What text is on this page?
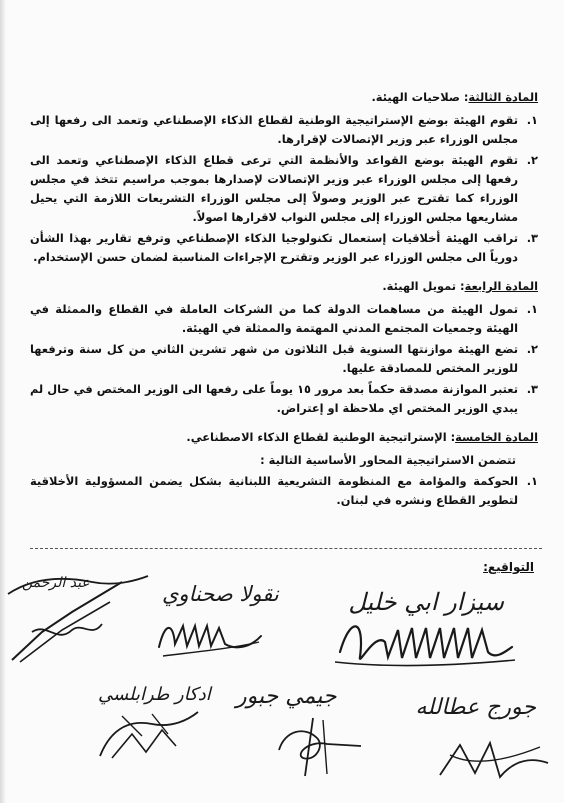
المادة الثالثة: صلاحيات الهيئة.
١.
تقوم الهيئة بوضع الإستراتيجية الوطنية لقطاع الذكاء الإصطناعي وتعمد الى رفعها إلى مجلس الوزراء عبر وزير الإتصالات لإقرارها.
٢.
تقوم الهيئة بوضع القواعد والأنظمة التي ترعى قطاع الذكاء الإصطناعي وتعمد الى رفعها إلى مجلس الوزراء عبر وزير الإتصالات لإصدارها بموجب مراسيم تتخذ في مجلس الوزراء كما تقترح عبر الوزير وصولاً إلى مجلس الوزراء التشريعات اللازمة التي يحيل مشاريعها مجلس الوزراء إلى مجلس النواب لاقرارها اصولاً.
٣.
تراقب الهيئة أخلاقيات إستعمال تكنولوجيا الذكاء الإصطناعي وترفع تقارير بهذا الشأن دورياً الى مجلس الوزراء عبر الوزير وتقترح الإجراءات المناسبة لضمان حسن الإستخدام.
المادة الرابعة: تمويل الهيئة.
١.
تمول الهيئة من مساهمات الدولة كما من الشركات العاملة في القطاع والممثلة في الهيئة وجمعيات المجتمع المدني المهتمة والممثلة في الهيئة.
٢.
تضع الهيئة موازنتها السنوية قبل الثلاثون من شهر تشرين الثاني من كل سنة وترفعها للوزير المختص للمصادقة عليها.
٣.
تعتبر الموازنة مصدقة حكماً بعد مرور ١٥ يوماً على رفعها الى الوزير المختص في حال لم يبدي الوزير المختص اي ملاحظة او إعتراض.
المادة الخامسة: الإستراتيجية الوطنية لقطاع الذكاء الاصطناعي.
تتضمن الاستراتيجية المحاور الأساسية التالية :
١.
الحوكمة والمؤامة مع المنظومة التشريعية اللبنانية بشكل يضمن المسؤولية الأخلاقية لتطوير القطاع ونشره في لبنان.
التواقيع:
سيزار ابي خليل
نقولا صحناوي
عبد الرحمن
جورج عطالله
جيمي جبور
ادكار طرابلسي
